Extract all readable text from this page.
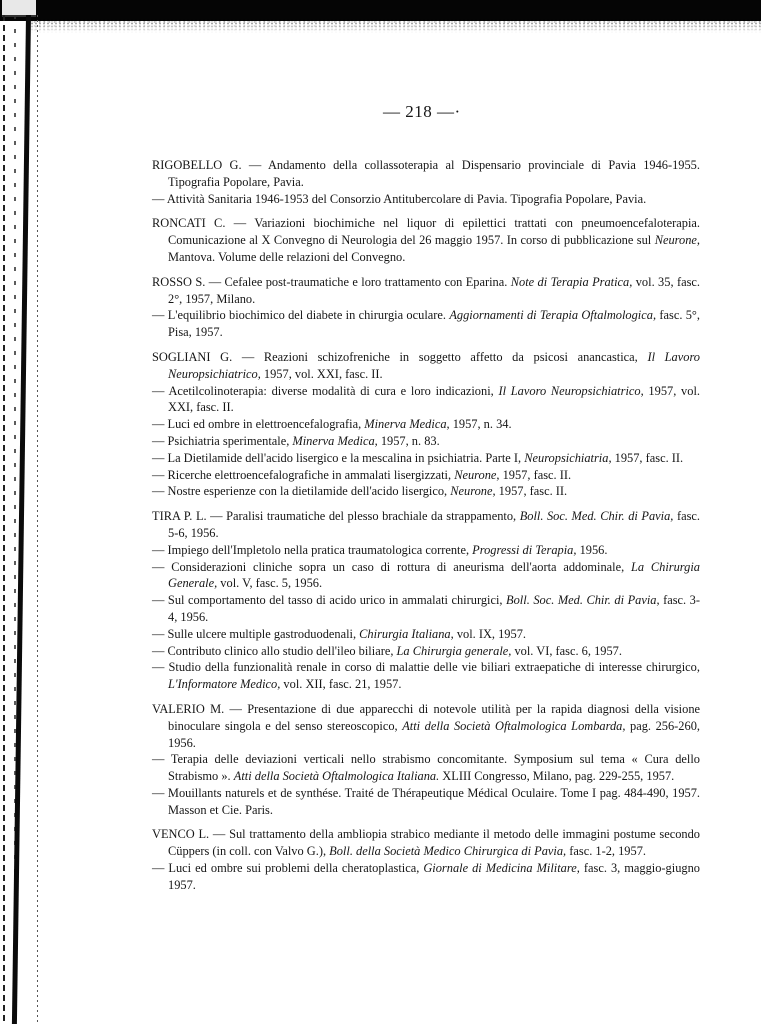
— 218 —·

RIGOBELLO G. — Andamento della collassoterapia al Dispensario provinciale di Pavia 1946-1955. Tipografia Popolare, Pavia.

— Attività Sanitaria 1946-1953 del Consorzio Antitubercolare di Pavia. Tipografia Popolare, Pavia.

RONCATI C. — Variazioni biochimiche nel liquor di epilettici trattati con pneumoencefaloterapia. Comunicazione al X Convegno di Neurologia del 26 maggio 1957. In corso di pubblicazione sul Neurone, Mantova. Volume delle relazioni del Convegno.

ROSSO S. — Cefalee post-traumatiche e loro trattamento con Eparina. Note di Terapia Pratica, vol. 35, fasc. 2°, 1957, Milano.

— L'equilibrio biochimico del diabete in chirurgia oculare. Aggiornamenti di Terapia Oftalmologica, fasc. 5°, Pisa, 1957.

SOGLIANI G. — Reazioni schizofreniche in soggetto affetto da psicosi anancastica, Il Lavoro Neuropsichiatrico, 1957, vol. XXI, fasc. II.

— Acetilcolinoterapia: diverse modalità di cura e loro indicazioni, Il Lavoro Neuropsichiatrico, 1957, vol. XXI, fasc. II.

— Luci ed ombre in elettroencefalografia, Minerva Medica, 1957, n. 34.

— Psichiatria sperimentale, Minerva Medica, 1957, n. 83.

— La Dietilamide dell'acido lisergico e la mescalina in psichiatria. Parte I, Neuropsichiatria, 1957, fasc. II.

— Ricerche elettroencefalografiche in ammalati lisergizzati, Neurone, 1957, fasc. II.

— Nostre esperienze con la dietilamide dell'acido lisergico, Neurone, 1957, fasc. II.

TIRA P. L. — Paralisi traumatiche del plesso brachiale da strappamento, Boll. Soc. Med. Chir. di Pavia, fasc. 5-6, 1956.

— Impiego dell'Impletolo nella pratica traumatologica corrente, Progressi di Terapia, 1956.

— Considerazioni cliniche sopra un caso di rottura di aneurisma dell'aorta addominale, La Chirurgia Generale, vol. V, fasc. 5, 1956.

— Sul comportamento del tasso di acido urico in ammalati chirurgici, Boll. Soc. Med. Chir. di Pavia, fasc. 3-4, 1956.

— Sulle ulcere multiple gastroduodenali, Chirurgia Italiana, vol. IX, 1957.

— Contributo clinico allo studio dell'ileo biliare, La Chirurgia generale, vol. VI, fasc. 6, 1957.

— Studio della funzionalità renale in corso di malattie delle vie biliari extraepatiche di interesse chirurgico, L'Informatore Medico, vol. XII, fasc. 21, 1957.

VALERIO M. — Presentazione di due apparecchi di notevole utilità per la rapida diagnosi della visione binoculare singola e del senso stereoscopico, Atti della Società Oftalmologica Lombarda, pag. 256-260, 1956.

— Terapia delle deviazioni verticali nello strabismo concomitante. Symposium sul tema « Cura dello Strabismo ». Atti della Società Oftalmologica Italiana. XLIII Congresso, Milano, pag. 229-255, 1957.

— Mouillants naturels et de synthése. Traité de Thérapeutique Médical Oculaire. Tome I pag. 484-490, 1957. Masson et Cie. Paris.

VENCO L. — Sul trattamento della ambliopia strabico mediante il metodo delle immagini postume secondo Cüppers (in coll. con Valvo G.), Boll. della Società Medico Chirurgica di Pavia, fasc. 1-2, 1957.

— Luci ed ombre sui problemi della cheratoplastica, Giornale di Medicina Militare, fasc. 3, maggio-giugno 1957.
